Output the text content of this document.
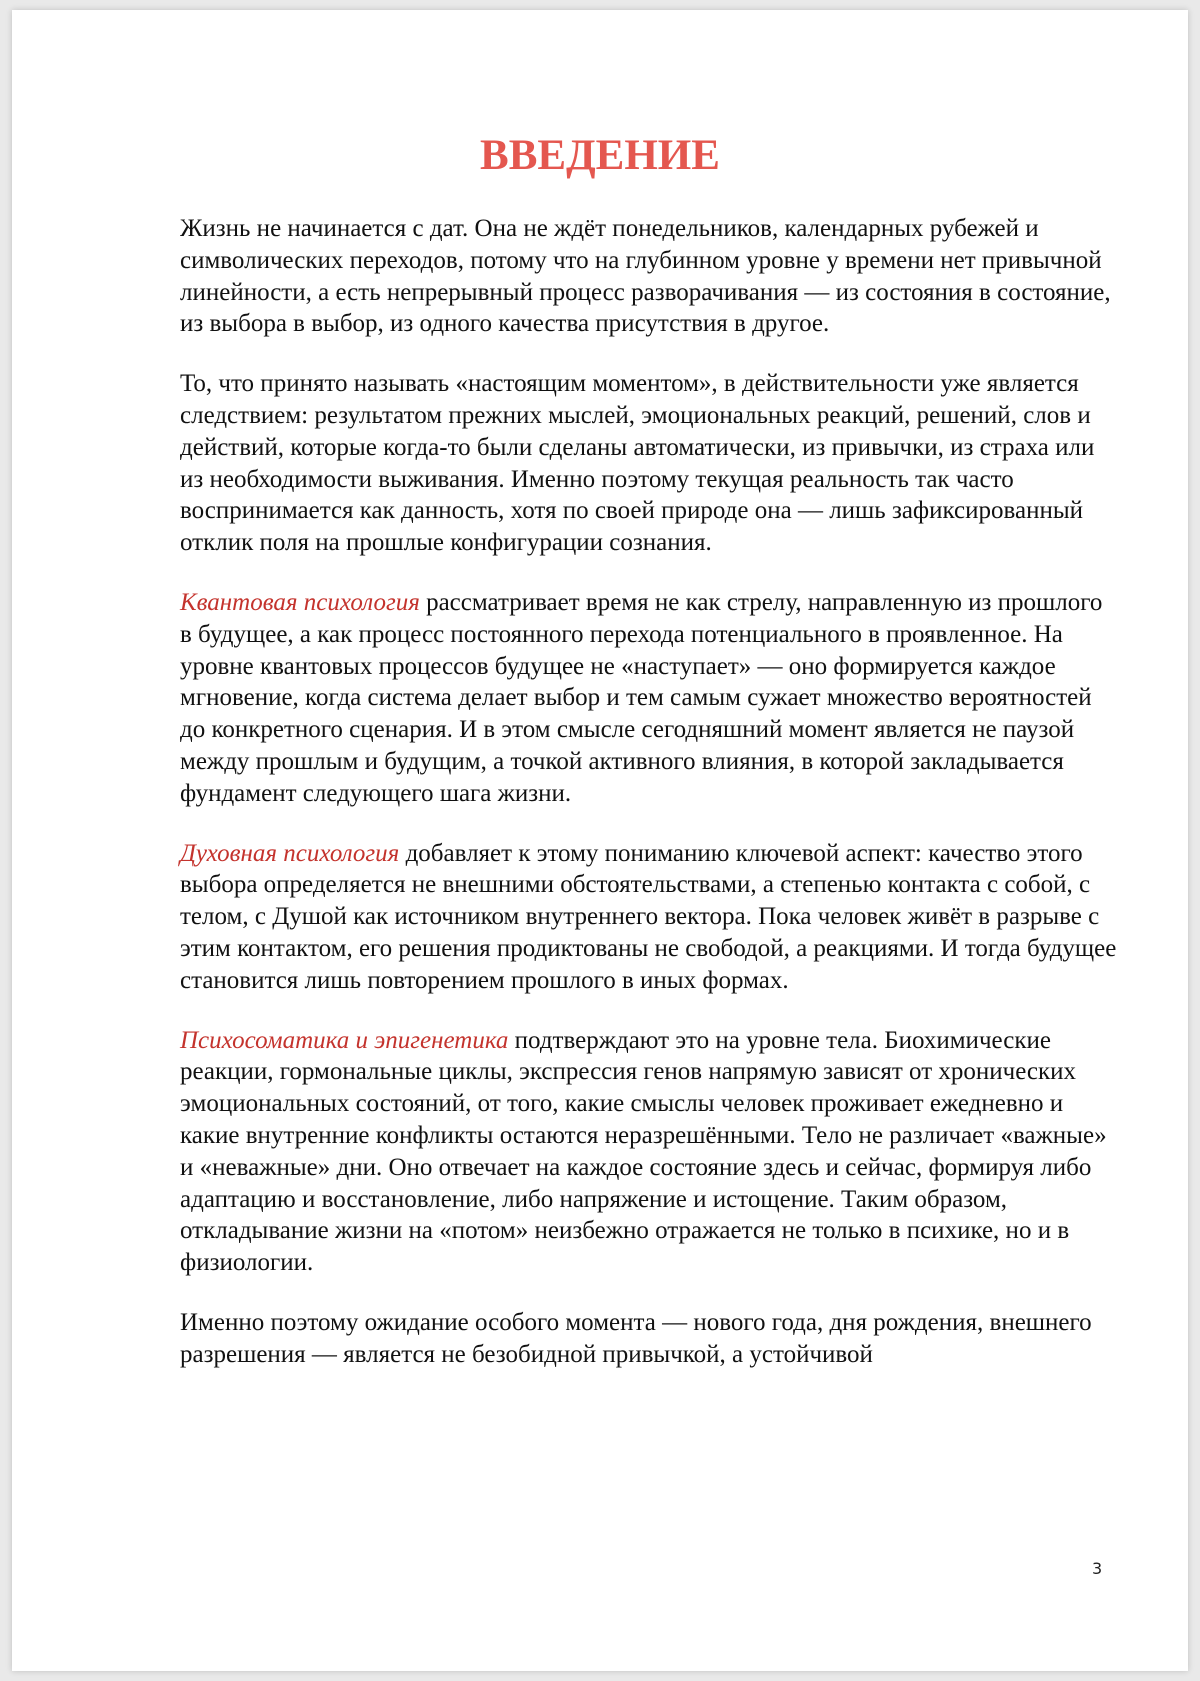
ВВЕДЕНИЕ

Жизнь не начинается с дат. Она не ждёт понедельников, календарных рубежей и символических переходов, потому что на глубинном уровне у времени нет привычной линейности, а есть непрерывный процесс разворачивания — из состояния в состояние, из выбора в выбор, из одного качества присутствия в другое.

То, что принято называть «настоящим моментом», в действительности уже является следствием: результатом прежних мыслей, эмоциональных реакций, решений, слов и действий, которые когда-то были сделаны автоматически, из привычки, из страха или из необходимости выживания. Именно поэтому текущая реальность так часто воспринимается как данность, хотя по своей природе она — лишь зафиксированный отклик поля на прошлые конфигурации сознания.

Квантовая психология рассматривает время не как стрелу, направленную из прошлого в будущее, а как процесс постоянного перехода потенциального в проявленное. На уровне квантовых процессов будущее не «наступает» — оно формируется каждое мгновение, когда система делает выбор и тем самым сужает множество вероятностей до конкретного сценария. И в этом смысле сегодняшний момент является не паузой между прошлым и будущим, а точкой активного влияния, в которой закладывается фундамент следующего шага жизни.

Духовная психология добавляет к этому пониманию ключевой аспект: качество этого выбора определяется не внешними обстоятельствами, а степенью контакта с собой, с телом, с Душой как источником внутреннего вектора. Пока человек живёт в разрыве с этим контактом, его решения продиктованы не свободой, а реакциями. И тогда будущее становится лишь повторением прошлого в иных формах.

Психосоматика и эпигенетика подтверждают это на уровне тела. Биохимические реакции, гормональные циклы, экспрессия генов напрямую зависят от хронических эмоциональных состояний, от того, какие смыслы человек проживает ежедневно и какие внутренние конфликты остаются неразрешёнными. Тело не различает «важные» и «неважные» дни. Оно отвечает на каждое состояние здесь и сейчас, формируя либо адаптацию и восстановление, либо напряжение и истощение. Таким образом, откладывание жизни на «потом» неизбежно отражается не только в психике, но и в физиологии.

Именно поэтому ожидание особого момента — нового года, дня рождения, внешнего разрешения — является не безобидной привычкой, а устойчивой

3
